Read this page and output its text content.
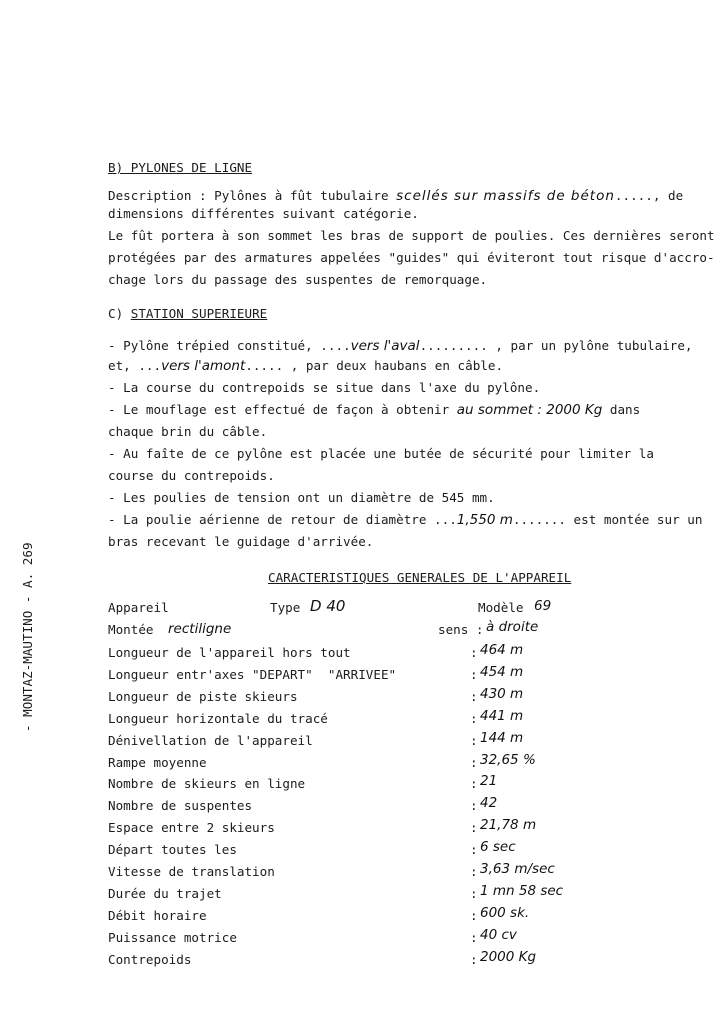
- MONTAZ-MAUTINO - A. 269
B) PYLONES DE LIGNE
Description : Pylônes à fût tubulaire scellés sur massifs de béton....., de
dimensions différentes suivant catégorie.
Le fût portera à son sommet les bras de support de poulies. Ces dernières seront
protégées par des armatures appelées "guides" qui éviteront tout risque d'accro-
chage lors du passage des suspentes de remorquage.
C) STATION SUPERIEURE
- Pylône trépied constitué, ....vers l'aval......... , par un pylône tubulaire,
et, ...vers l'amont..... , par deux haubans en câble.
- La course du contrepoids se situe dans l'axe du pylône.
- Le mouflage est effectué de façon à obtenir au sommet : 2000 Kg dans
chaque brin du câble.
- Au faîte de ce pylône est placée une butée de sécurité pour limiter la
course du contrepoids.
- Les poulies de tension ont un diamètre de 545 mm.
- La poulie aérienne de retour de diamètre ...1,550 m....... est montée sur un
bras recevant le guidage d'arrivée.
CARACTERISTIQUES GENERALES DE L'APPAREIL
Appareil	Type D 40	Modèle 69
Montée rectiligne	sens : à droite
Longueur de l'appareil hors tout	: 464 m
Longueur entr'axes "DEPART"  "ARRIVEE"	: 454 m
Longueur de piste skieurs	: 430 m
Longueur horizontale du tracé	: 441 m
Dénivellation de l'appareil	: 144 m
Rampe moyenne	: 32,65 %
Nombre de skieurs en ligne	: 21
Nombre de suspentes	: 42
Espace entre 2 skieurs	: 21,78 m
Départ toutes les	: 6 sec
Vitesse de translation	: 3,63 m/sec
Durée du trajet	: 1 mn 58 sec
Débit horaire	: 600 sk.
Puissance motrice	: 40 cv
Contrepoids	: 2000 Kg
